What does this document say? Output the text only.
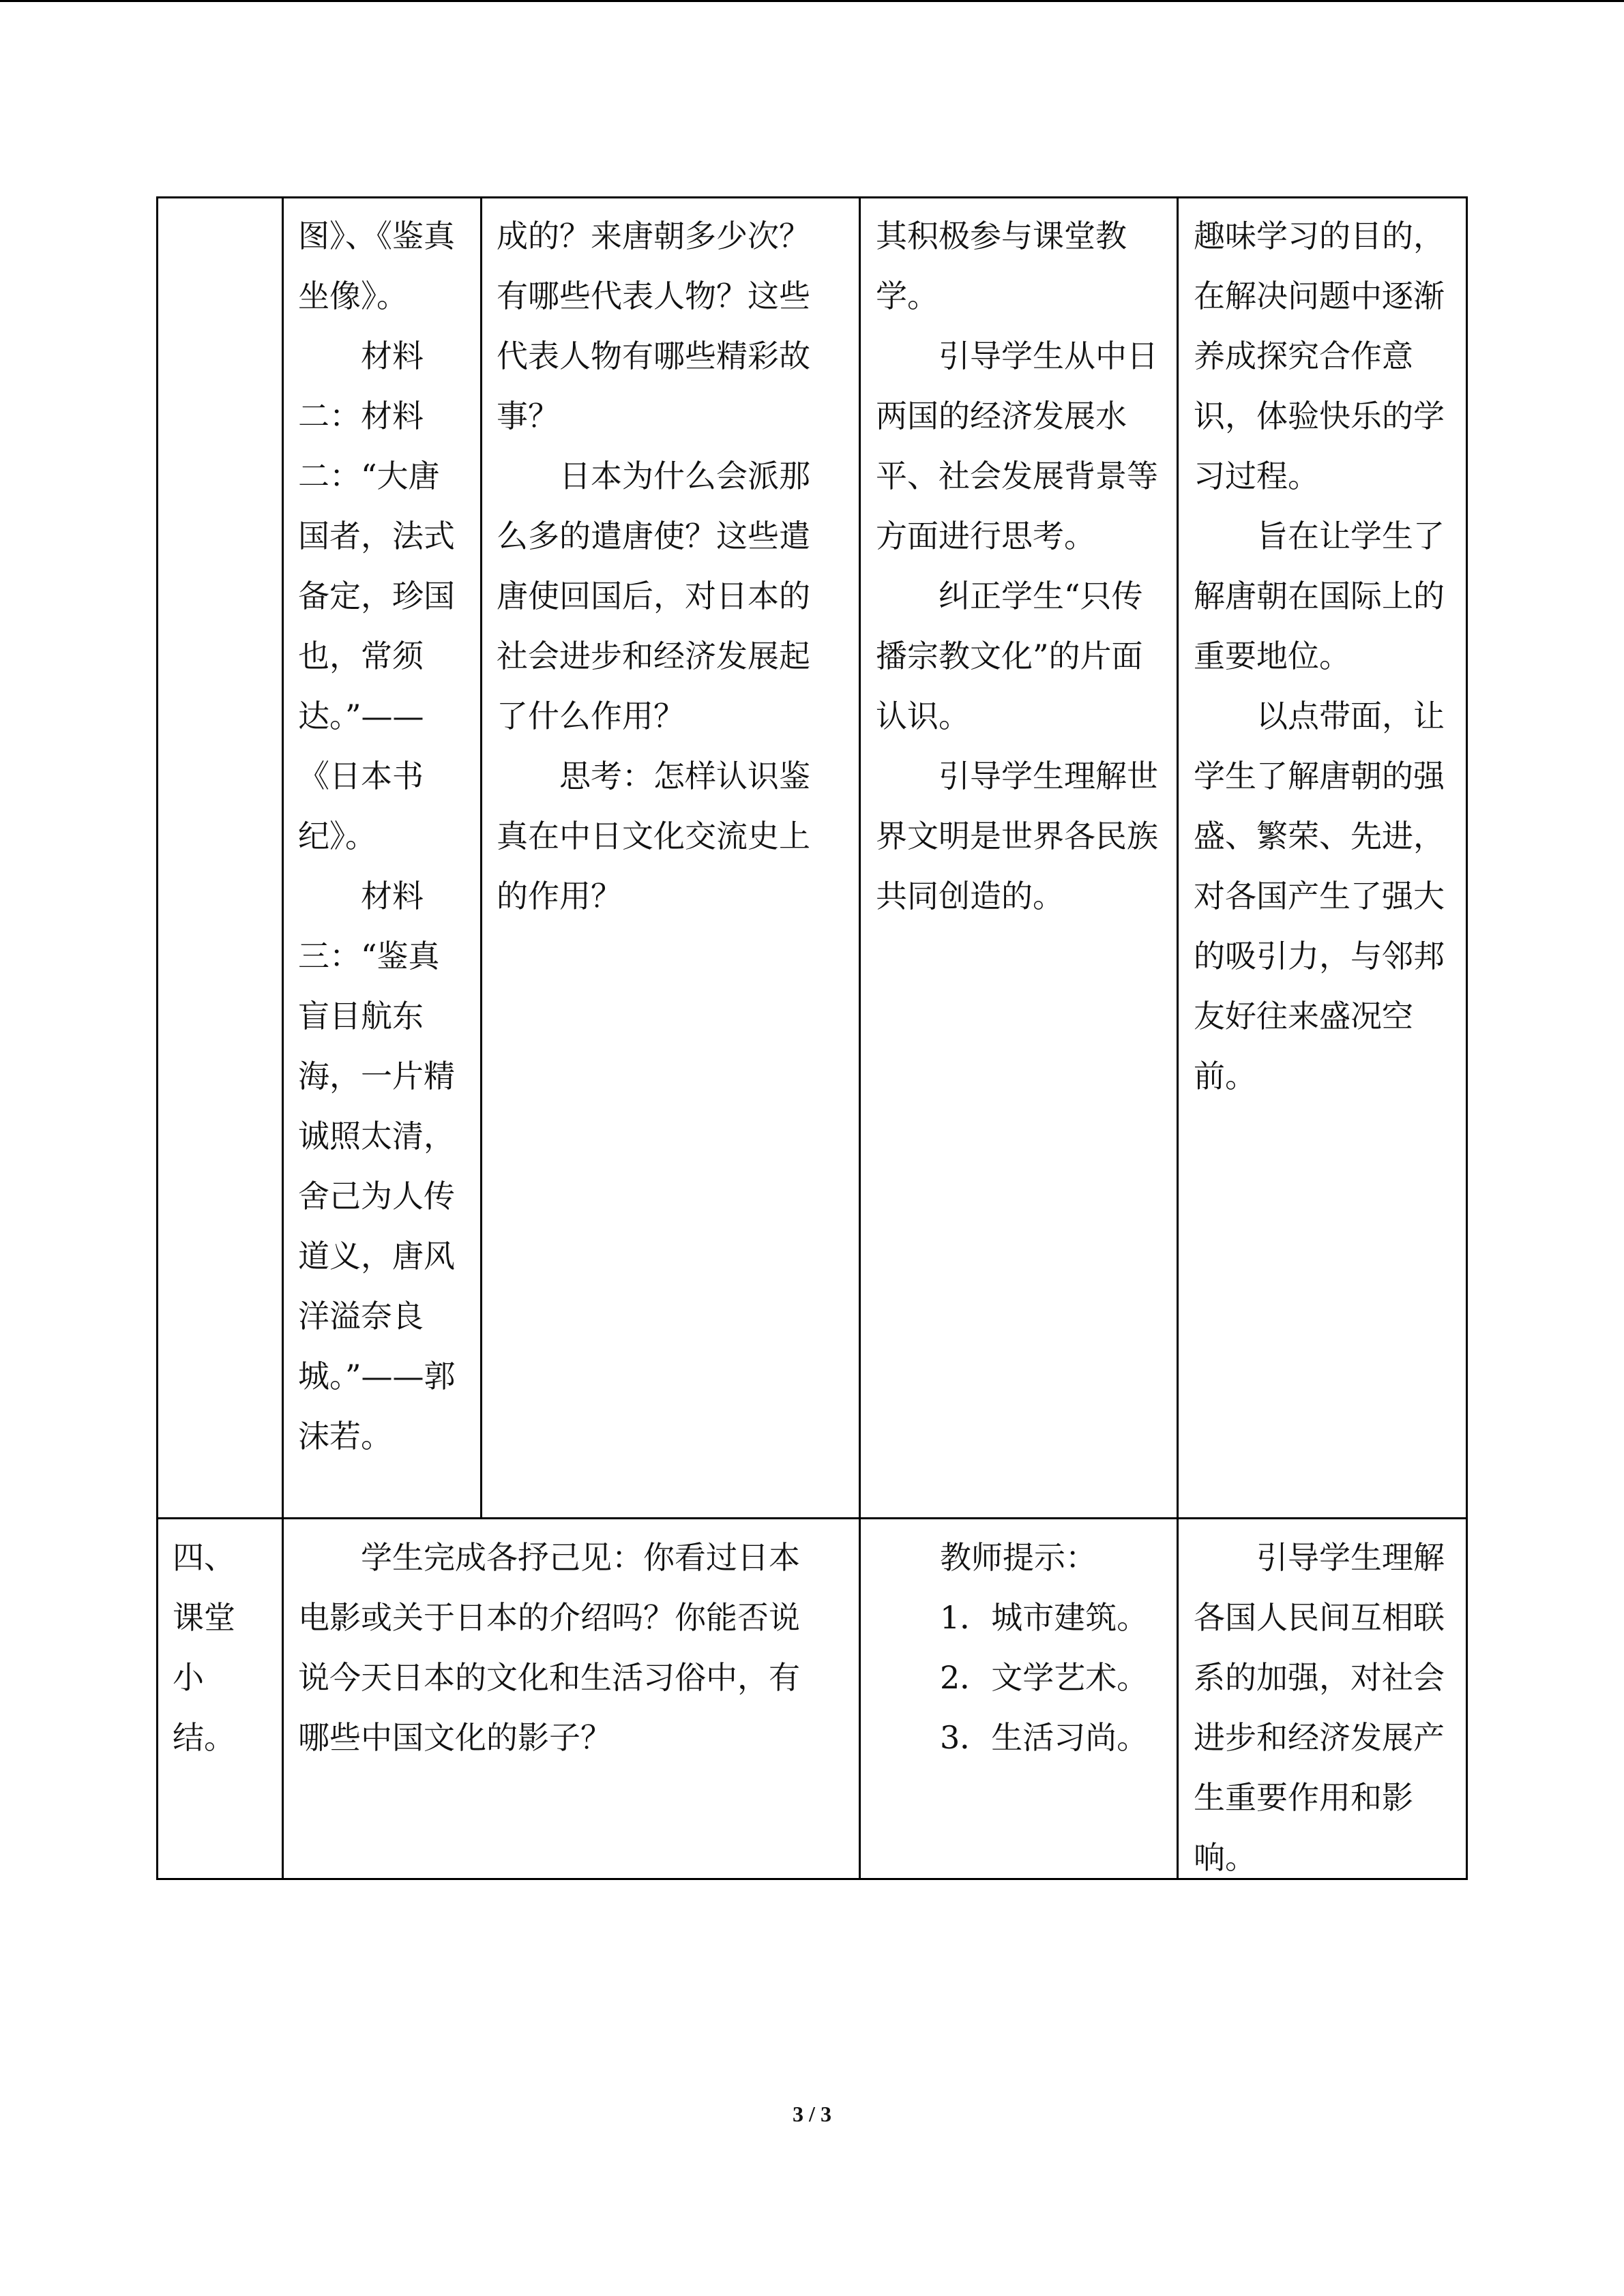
图》、《鉴真坐像》。

材料二：材料二：“大唐国者，法式备定，珍国也，常须达。”——《日本书纪》。

材料三：“鉴真盲目航东海，一片精诚照太清，舍己为人传道义，唐风洋溢奈良城。”——郭沫若。

成的？来唐朝多少次？有哪些代表人物？这些代表人物有哪些精彩故事？

日本为什么会派那么多的遣唐使？这些遣唐使回国后，对日本的社会进步和经济发展起了什么作用？

思考：怎样认识鉴真在中日文化交流史上的作用？

其积极参与课堂教学。

引导学生从中日两国的经济发展水平、社会发展背景等方面进行思考。

纠正学生“只传播宗教文化”的片面认识。

引导学生理解世界文明是世界各民族共同创造的。

趣味学习的目的，在解决问题中逐渐养成探究合作意识，体验快乐的学习过程。

旨在让学生了解唐朝在国际上的重要地位。

以点带面，让学生了解唐朝的强盛、繁荣、先进，对各国产生了强大的吸引力，与邻邦友好往来盛况空前。

四、课堂小结。

学生完成各抒己见：你看过日本电影或关于日本的介绍吗？你能否说说今天日本的文化和生活习俗中，有哪些中国文化的影子？

教师提示：

1．城市建筑。

2．文学艺术。

3．生活习尚。

引导学生理解各国人民间互相联系的加强，对社会进步和经济发展产生重要作用和影响。

3 / 3
